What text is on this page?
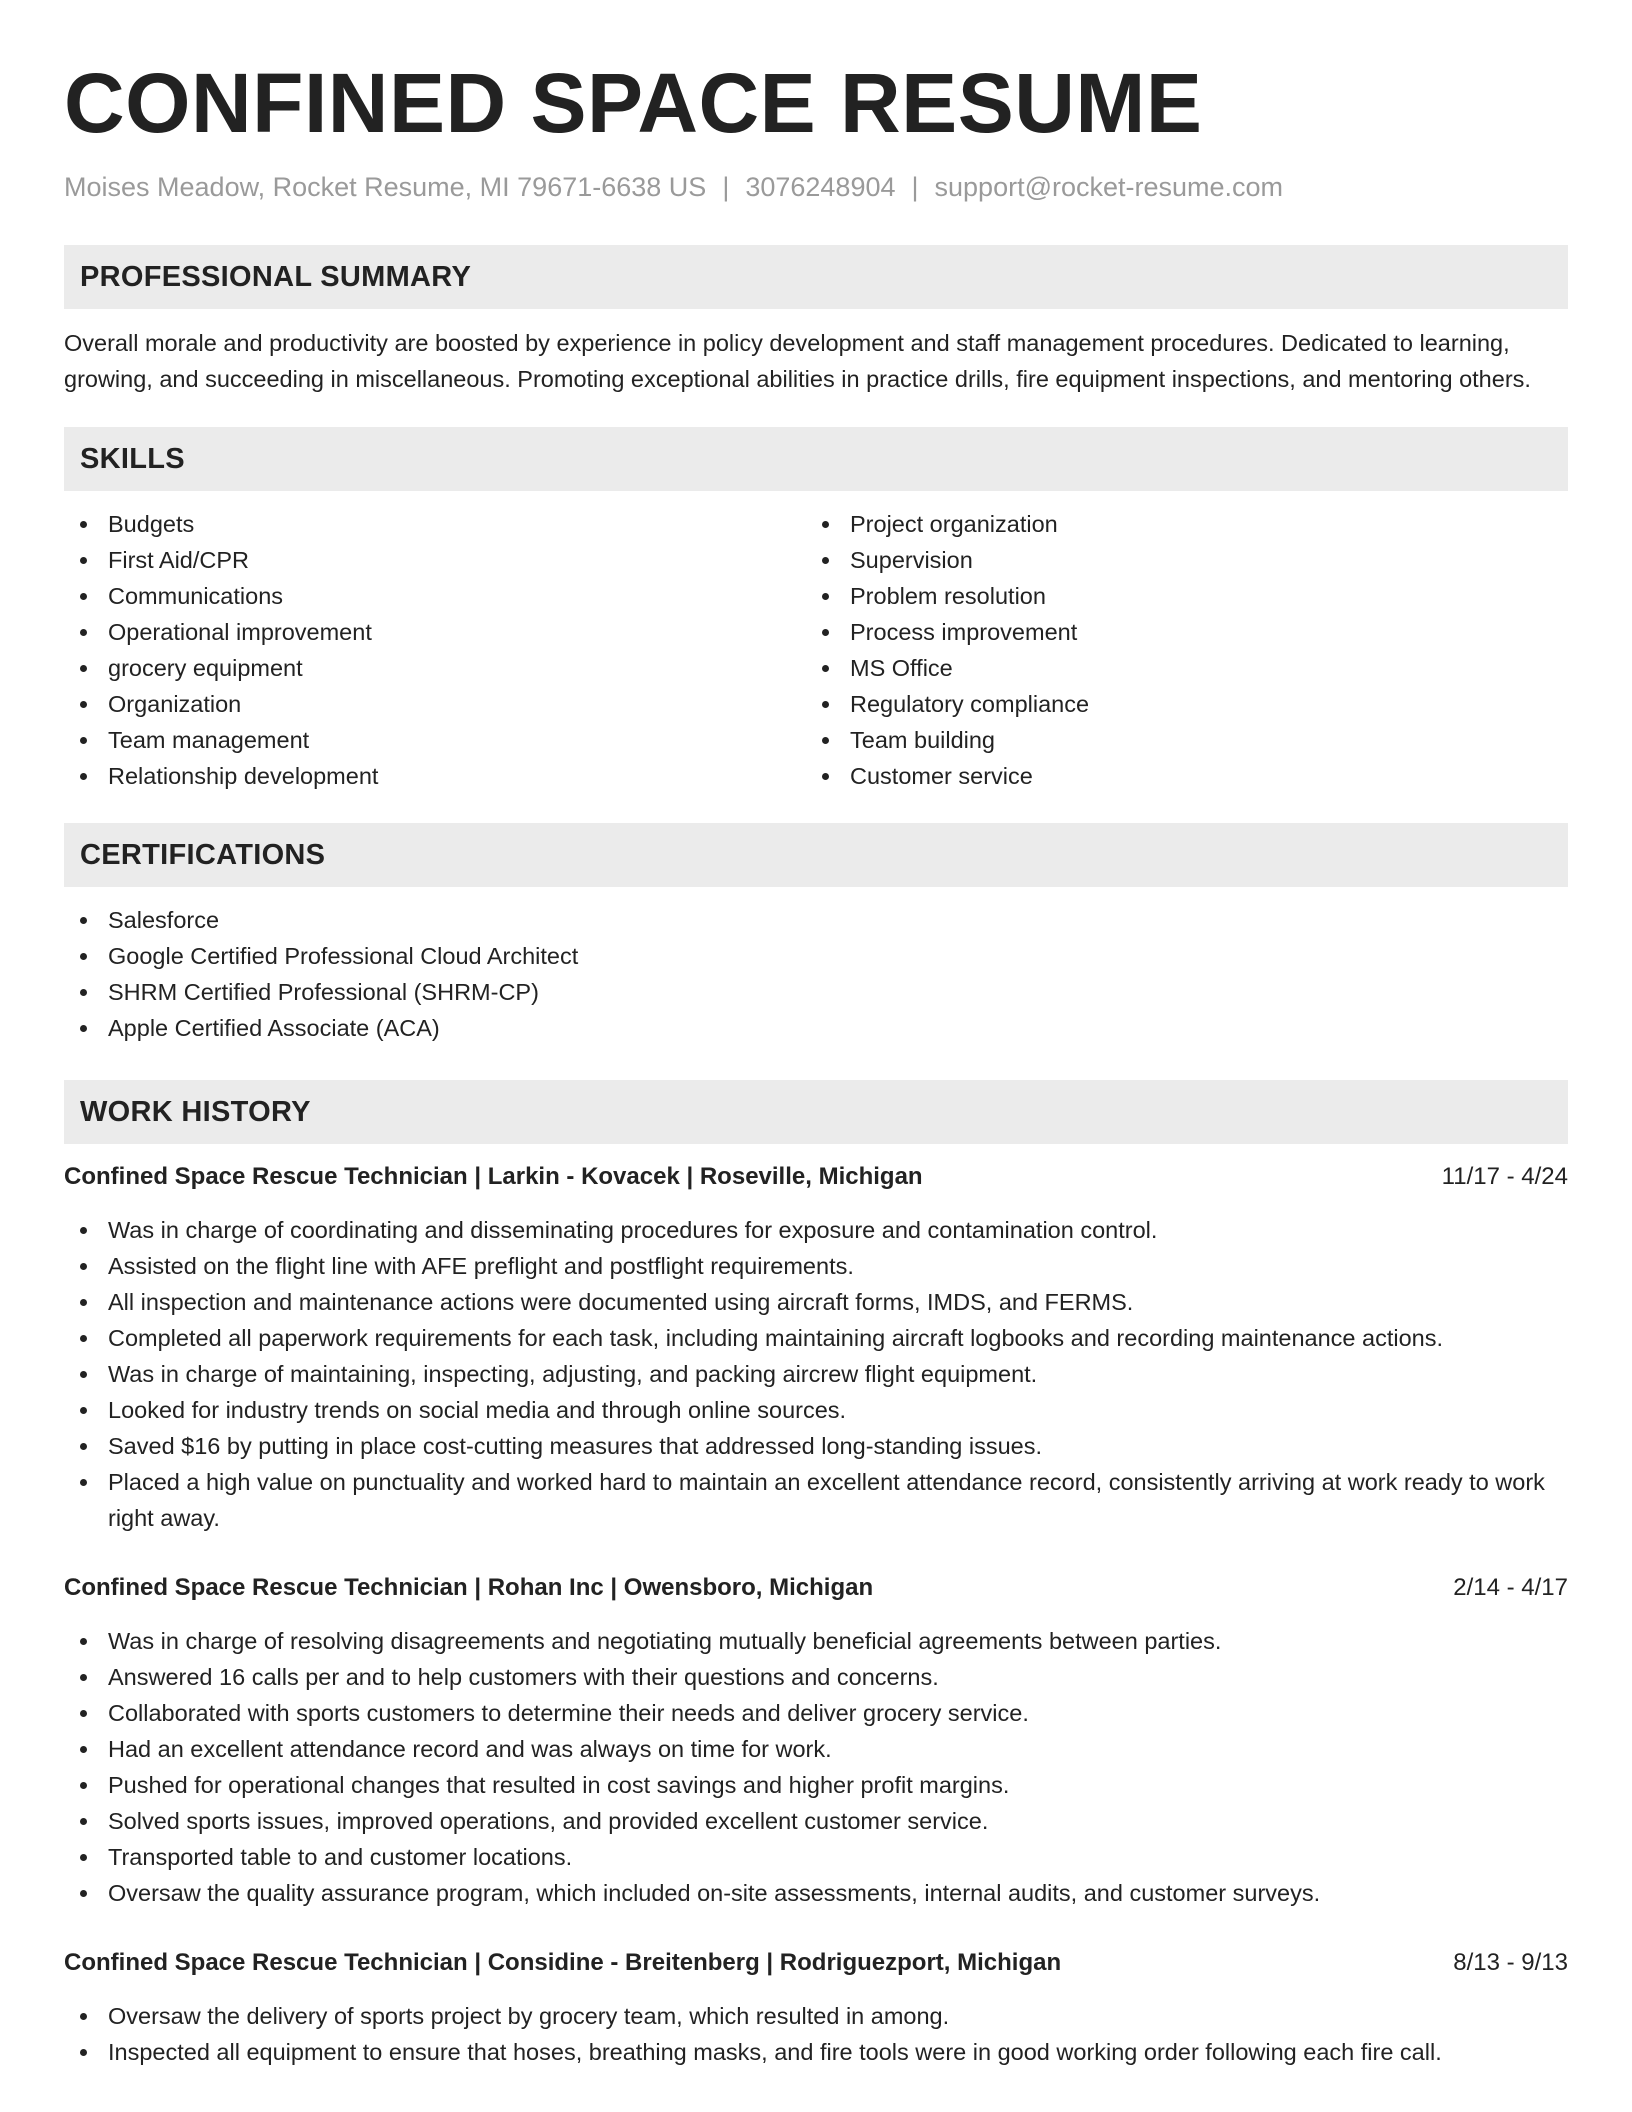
CONFINED SPACE RESUME
Moises Meadow, Rocket Resume, MI 79671-6638 US | 3076248904 | support@rocket-resume.com
PROFESSIONAL SUMMARY

Overall morale and productivity are boosted by experience in policy development and staff management procedures. Dedicated to learning, growing, and succeeding in miscellaneous. Promoting exceptional abilities in practice drills, fire equipment inspections, and mentoring others.

SKILLS
Budgets
First Aid/CPR
Communications
Operational improvement
grocery equipment
Organization
Team management
Relationship development
Project organization
Supervision
Problem resolution
Process improvement
MS Office
Regulatory compliance
Team building
Customer service
CERTIFICATIONS
Salesforce
Google Certified Professional Cloud Architect
SHRM Certified Professional (SHRM-CP)
Apple Certified Associate (ACA)
WORK HISTORY
Confined Space Rescue Technician | Larkin - Kovacek | Roseville, Michigan	11/17 - 4/24
Was in charge of coordinating and disseminating procedures for exposure and contamination control.
Assisted on the flight line with AFE preflight and postflight requirements.
All inspection and maintenance actions were documented using aircraft forms, IMDS, and FERMS.
Completed all paperwork requirements for each task, including maintaining aircraft logbooks and recording maintenance actions.
Was in charge of maintaining, inspecting, adjusting, and packing aircrew flight equipment.
Looked for industry trends on social media and through online sources.
Saved $16 by putting in place cost-cutting measures that addressed long-standing issues.
Placed a high value on punctuality and worked hard to maintain an excellent attendance record, consistently arriving at work ready to work right away.
Confined Space Rescue Technician | Rohan Inc | Owensboro, Michigan	2/14 - 4/17
Was in charge of resolving disagreements and negotiating mutually beneficial agreements between parties.
Answered 16 calls per and to help customers with their questions and concerns.
Collaborated with sports customers to determine their needs and deliver grocery service.
Had an excellent attendance record and was always on time for work.
Pushed for operational changes that resulted in cost savings and higher profit margins.
Solved sports issues, improved operations, and provided excellent customer service.
Transported table to and customer locations.
Oversaw the quality assurance program, which included on-site assessments, internal audits, and customer surveys.
Confined Space Rescue Technician | Considine - Breitenberg | Rodriguezport, Michigan	8/13 - 9/13
Oversaw the delivery of sports project by grocery team, which resulted in among.
Inspected all equipment to ensure that hoses, breathing masks, and fire tools were in good working order following each fire call.
